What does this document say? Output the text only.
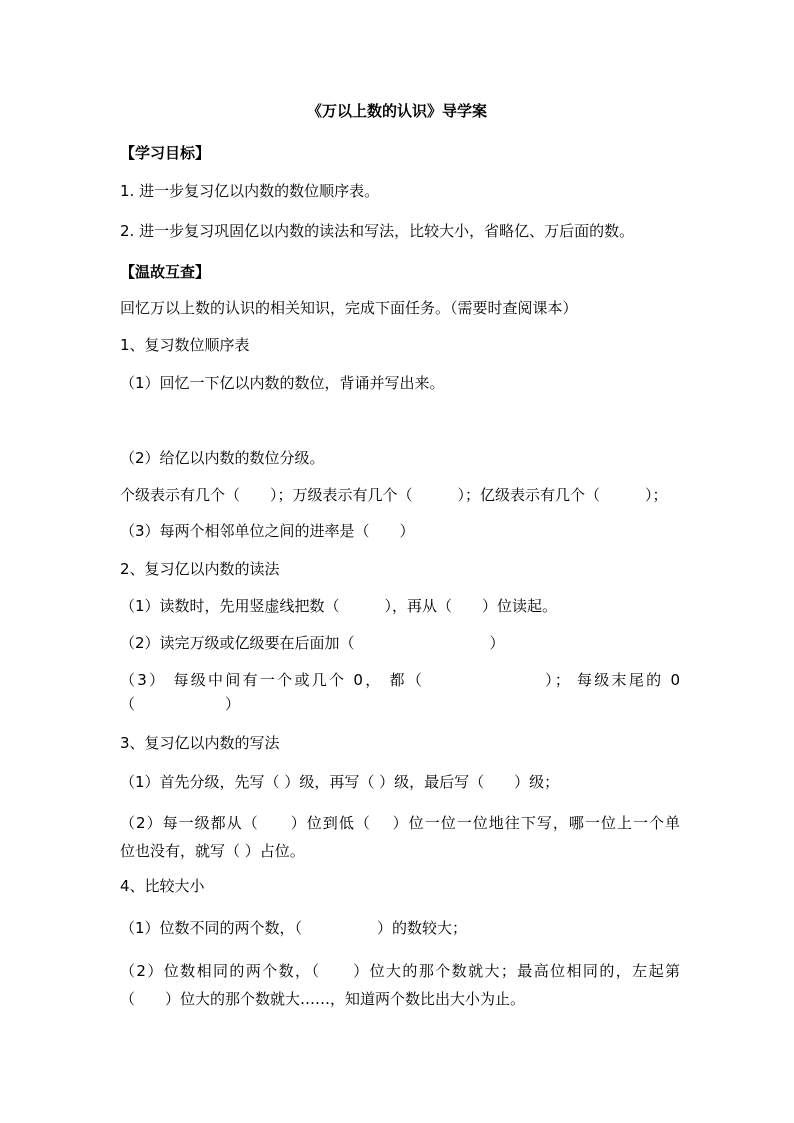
《万以上数的认识》导学案
【学习目标】
1. 进一步复习亿以内数的数位顺序表。
2. 进一步复习巩固亿以内数的读法和写法，比较大小，省略亿、万后面的数。
【温故互查】
回忆万以上数的认识的相关知识，完成下面任务。（需要时查阅课本）
1、复习数位顺序表
（1）回忆一下亿以内数的数位，背诵并写出来。
（2）给亿以内数的数位分级。
个级表示有几个（　　）；万级表示有几个（　　　）；亿级表示有几个（　　　）；
（3）每两个相邻单位之间的进率是（　　）
2、复习亿以内数的读法
（1）读数时，先用竖虚线把数（　　　），再从（　　）位读起。
（2）读完万级或亿级要在后面加（　　　　　　　　　）
（3） 每级中间有一个或几个 0， 都（　　　　　　　）； 每级末尾的 0
（　　　　　　）
3、复习亿以内数的写法
（1）首先分级，先写（ ）级，再写（ ）级，最后写（　　）级；
（2）每一级都从（　　）位到低（　 ）位一位一位地往下写，哪一位上一个单
位也没有，就写（ ）占位。
4、比较大小
（1）位数不同的两个数，（　　　　　）的数较大；
（2）位数相同的两个数，（　　）位大的那个数就大；最高位相同的，左起第
（　　）位大的那个数就大……，知道两个数比出大小为止。
